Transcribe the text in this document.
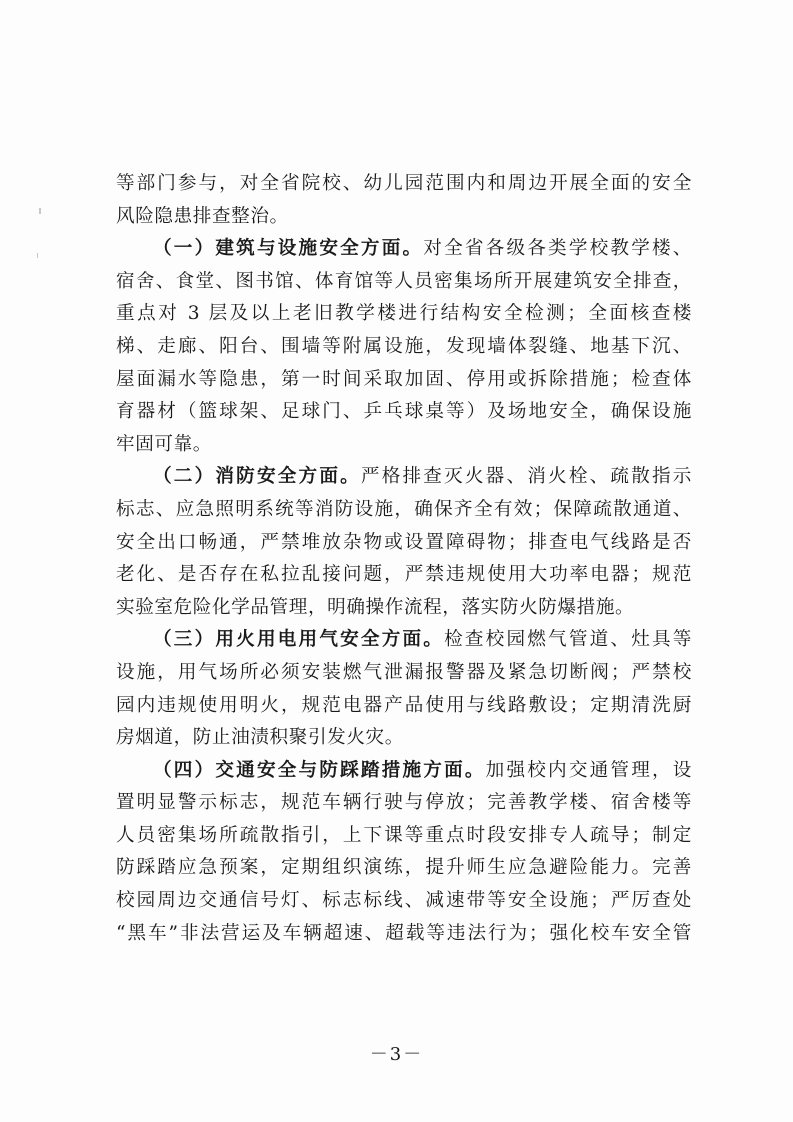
等部门参与，对全省院校、幼儿园范围内和周边开展全面的安全
风险隐患排查整治。
（一）建筑与设施安全方面。对全省各级各类学校教学楼、
宿舍、食堂、图书馆、体育馆等人员密集场所开展建筑安全排查，
重点对 3 层及以上老旧教学楼进行结构安全检测；全面核查楼
梯、走廊、阳台、围墙等附属设施，发现墙体裂缝、地基下沉、
屋面漏水等隐患，第一时间采取加固、停用或拆除措施；检查体
育器材（篮球架、足球门、乒乓球桌等）及场地安全，确保设施
牢固可靠。
（二）消防安全方面。严格排查灭火器、消火栓、疏散指示
标志、应急照明系统等消防设施，确保齐全有效；保障疏散通道、
安全出口畅通，严禁堆放杂物或设置障碍物；排查电气线路是否
老化、是否存在私拉乱接问题，严禁违规使用大功率电器；规范
实验室危险化学品管理，明确操作流程，落实防火防爆措施。
（三）用火用电用气安全方面。检查校园燃气管道、灶具等
设施，用气场所必须安装燃气泄漏报警器及紧急切断阀；严禁校
园内违规使用明火，规范电器产品使用与线路敷设；定期清洗厨
房烟道，防止油渍积聚引发火灾。
（四）交通安全与防踩踏措施方面。加强校内交通管理，设
置明显警示标志，规范车辆行驶与停放；完善教学楼、宿舍楼等
人员密集场所疏散指引，上下课等重点时段安排专人疏导；制定
防踩踏应急预案，定期组织演练，提升师生应急避险能力。完善
校园周边交通信号灯、标志标线、减速带等安全设施；严厉查处
“黑车”非法营运及车辆超速、超载等违法行为；强化校车安全管
－3－
